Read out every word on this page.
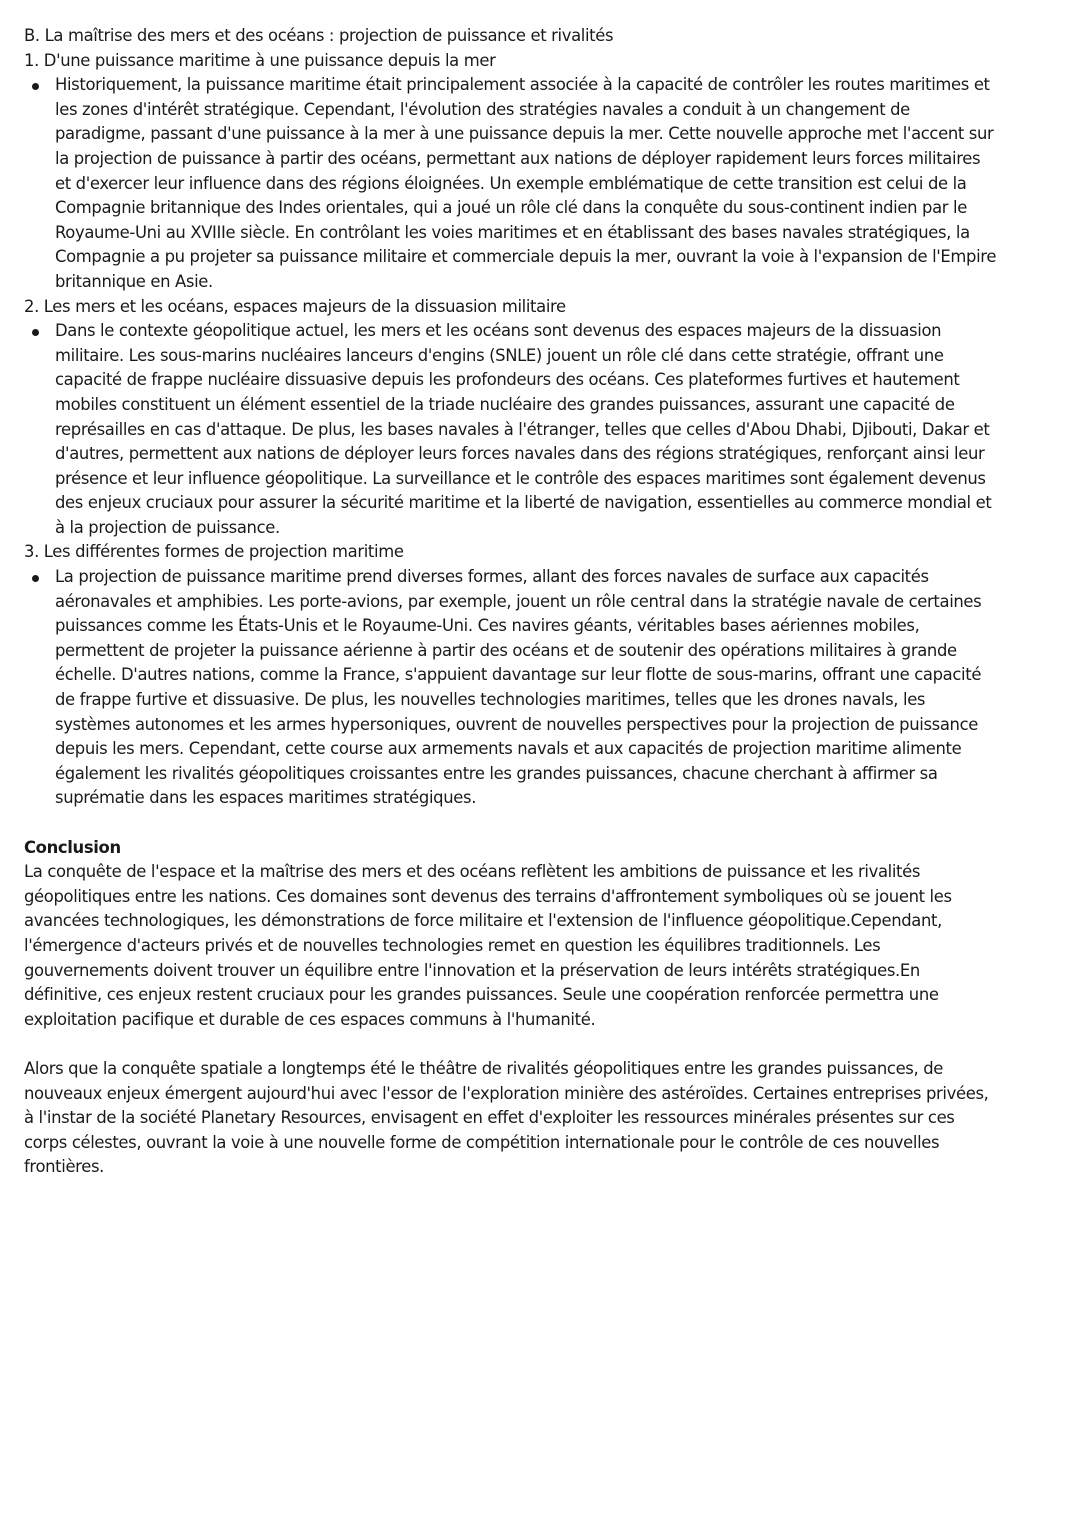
B. La maîtrise des mers et des océans : projection de puissance et rivalités

1. D'une puissance maritime à une puissance depuis la mer

Historiquement, la puissance maritime était principalement associée à la capacité de contrôler les routes maritimes et

les zones d'intérêt stratégique. Cependant, l'évolution des stratégies navales a conduit à un changement de

paradigme, passant d'une puissance à la mer à une puissance depuis la mer. Cette nouvelle approche met l'accent sur

la projection de puissance à partir des océans, permettant aux nations de déployer rapidement leurs forces militaires

et d'exercer leur influence dans des régions éloignées. Un exemple emblématique de cette transition est celui de la

Compagnie britannique des Indes orientales, qui a joué un rôle clé dans la conquête du sous-continent indien par le

Royaume-Uni au XVIIIe siècle. En contrôlant les voies maritimes et en établissant des bases navales stratégiques, la

Compagnie a pu projeter sa puissance militaire et commerciale depuis la mer, ouvrant la voie à l'expansion de l'Empire

britannique en Asie.

2. Les mers et les océans, espaces majeurs de la dissuasion militaire

Dans le contexte géopolitique actuel, les mers et les océans sont devenus des espaces majeurs de la dissuasion

militaire. Les sous-marins nucléaires lanceurs d'engins (SNLE) jouent un rôle clé dans cette stratégie, offrant une

capacité de frappe nucléaire dissuasive depuis les profondeurs des océans. Ces plateformes furtives et hautement

mobiles constituent un élément essentiel de la triade nucléaire des grandes puissances, assurant une capacité de

représailles en cas d'attaque. De plus, les bases navales à l'étranger, telles que celles d'Abou Dhabi, Djibouti, Dakar et

d'autres, permettent aux nations de déployer leurs forces navales dans des régions stratégiques, renforçant ainsi leur

présence et leur influence géopolitique. La surveillance et le contrôle des espaces maritimes sont également devenus

des enjeux cruciaux pour assurer la sécurité maritime et la liberté de navigation, essentielles au commerce mondial et

à la projection de puissance.

3. Les différentes formes de projection maritime

La projection de puissance maritime prend diverses formes, allant des forces navales de surface aux capacités

aéronavales et amphibies. Les porte-avions, par exemple, jouent un rôle central dans la stratégie navale de certaines

puissances comme les États-Unis et le Royaume-Uni. Ces navires géants, véritables bases aériennes mobiles,

permettent de projeter la puissance aérienne à partir des océans et de soutenir des opérations militaires à grande

échelle. D'autres nations, comme la France, s'appuient davantage sur leur flotte de sous-marins, offrant une capacité

de frappe furtive et dissuasive. De plus, les nouvelles technologies maritimes, telles que les drones navals, les

systèmes autonomes et les armes hypersoniques, ouvrent de nouvelles perspectives pour la projection de puissance

depuis les mers. Cependant, cette course aux armements navals et aux capacités de projection maritime alimente

également les rivalités géopolitiques croissantes entre les grandes puissances, chacune cherchant à affirmer sa

suprématie dans les espaces maritimes stratégiques.

Conclusion

La conquête de l'espace et la maîtrise des mers et des océans reflètent les ambitions de puissance et les rivalités

géopolitiques entre les nations. Ces domaines sont devenus des terrains d'affrontement symboliques où se jouent les

avancées technologiques, les démonstrations de force militaire et l'extension de l'influence géopolitique.Cependant,

l'émergence d'acteurs privés et de nouvelles technologies remet en question les équilibres traditionnels. Les

gouvernements doivent trouver un équilibre entre l'innovation et la préservation de leurs intérêts stratégiques.En

définitive, ces enjeux restent cruciaux pour les grandes puissances. Seule une coopération renforcée permettra une

exploitation pacifique et durable de ces espaces communs à l'humanité.

Alors que la conquête spatiale a longtemps été le théâtre de rivalités géopolitiques entre les grandes puissances, de

nouveaux enjeux émergent aujourd'hui avec l'essor de l'exploration minière des astéroïdes. Certaines entreprises privées,

à l'instar de la société Planetary Resources, envisagent en effet d'exploiter les ressources minérales présentes sur ces

corps célestes, ouvrant la voie à une nouvelle forme de compétition internationale pour le contrôle de ces nouvelles

frontières.
